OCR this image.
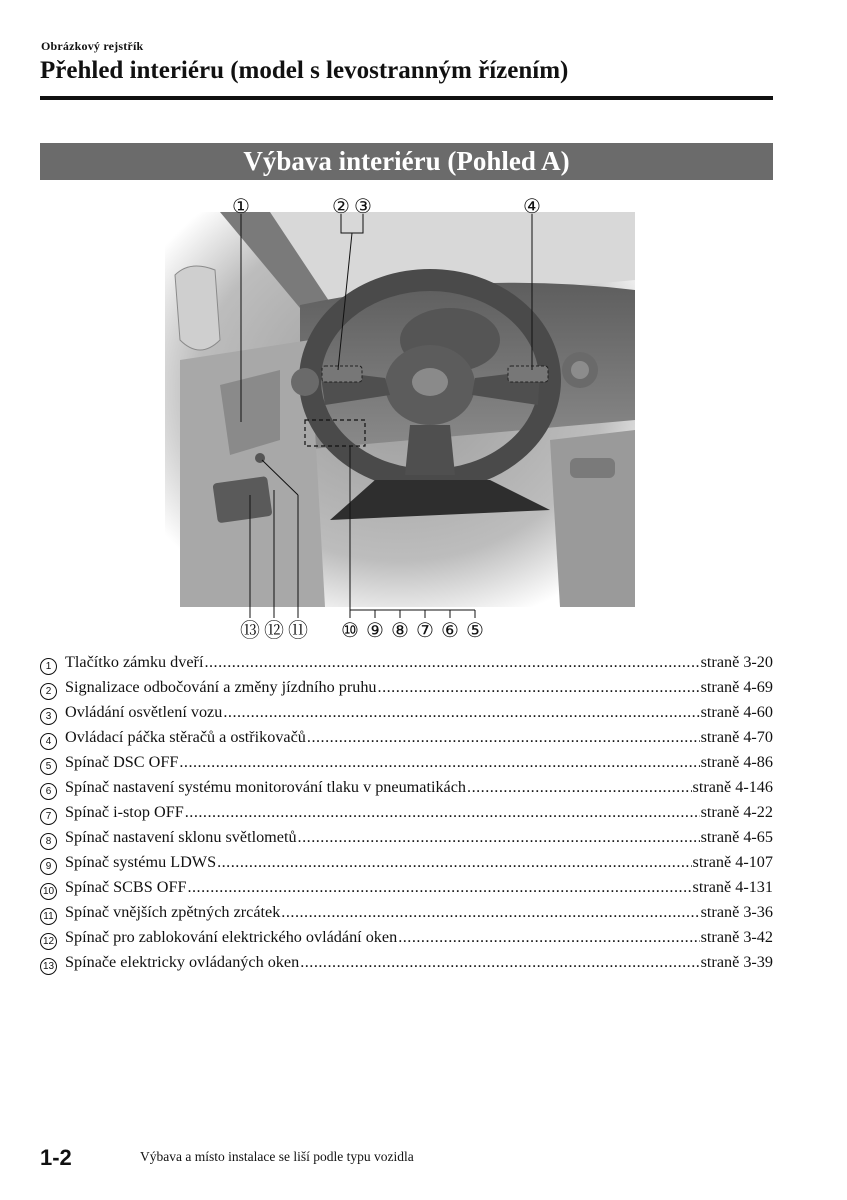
Obrázkový rejstřík
Přehled interiéru (model s levostranným řízením)
Výbava interiéru (Pohled A)
①	② ③	④
⑤
⑥
⑦
⑧
⑨
⑩
⑪
⑫
⑬
1 Tlačítko zámku dveří .....	straně 3-20
2 Signalizace odbočování a změny jízdního pruhu .....	straně 4-69
3 Ovládání osvětlení vozu .....	straně 4-60
4 Ovládací páčka stěračů a ostřikovačů .....	straně 4-70
5 Spínač DSC OFF .....	straně 4-86
6 Spínač nastavení systému monitorování tlaku v pneumatikách .....	straně 4-146
7 Spínač i-stop OFF .....	straně 4-22
8 Spínač nastavení sklonu světlometů .....	straně 4-65
9 Spínač systému LDWS .....	straně 4-107
10 Spínač SCBS OFF .....	straně 4-131
11 Spínač vnějších zpětných zrcátek .....	straně 3-36
12 Spínač pro zablokování elektrického ovládání oken .....	straně 3-42
13 Spínače elektricky ovládaných oken .....	straně 3-39
1-2	Výbava a místo instalace se liší podle typu vozidla
